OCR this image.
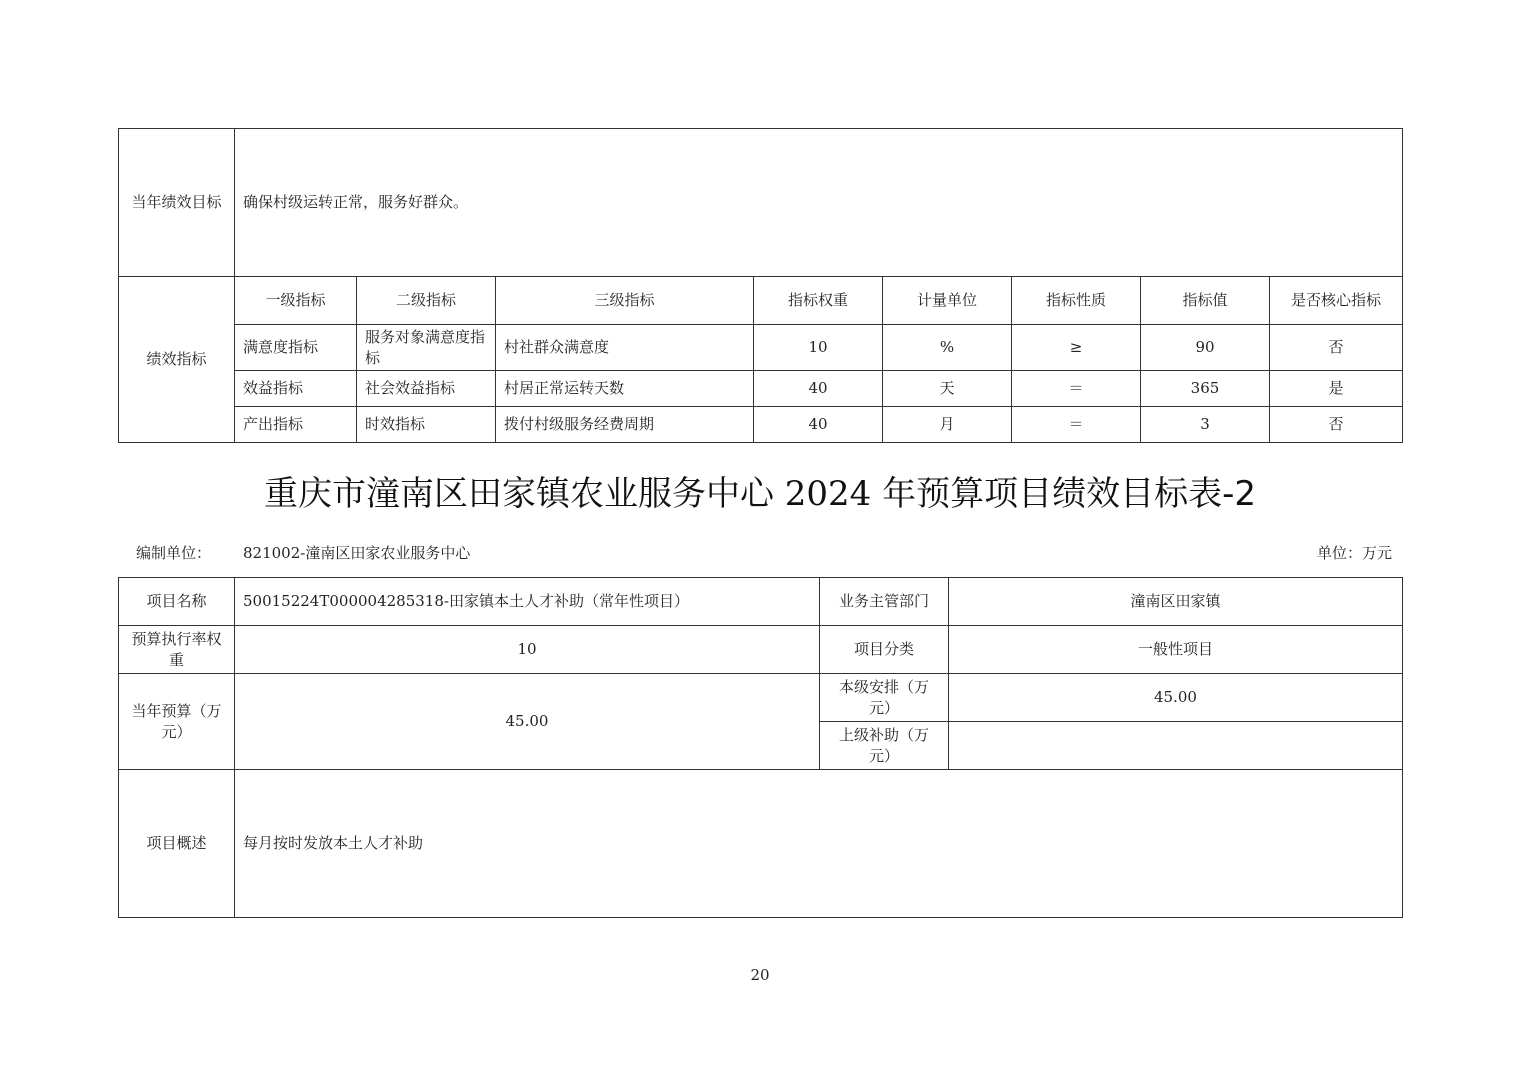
当年绩效目标	确保村级运转正常，服务好群众。							
绩效指标	一级指标	二级指标	三级指标	指标权重	计量单位	指标性质	指标值	是否核心指标
	满意度指标	服务对象满意度指标	村社群众满意度	10	%	≥	90	否
	效益指标	社会效益指标	村居正常运转天数	40	天	＝	365	是
	产出指标	时效指标	拨付村级服务经费周期	40	月	＝	3	否
重庆市潼南区田家镇农业服务中心 2024 年预算项目绩效目标表-2
编制单位： 821002-潼南区田家农业服务中心	单位：万元
项目名称	50015224T000004285318-田家镇本土人才补助（常年性项目）	业务主管部门	潼南区田家镇
预算执行率权重	10	项目分类	一般性项目
当年预算（万元）	45.00	本级安排（万元）	45.00
		上级补助（万元）	
项目概述	每月按时发放本土人才补助		
20
